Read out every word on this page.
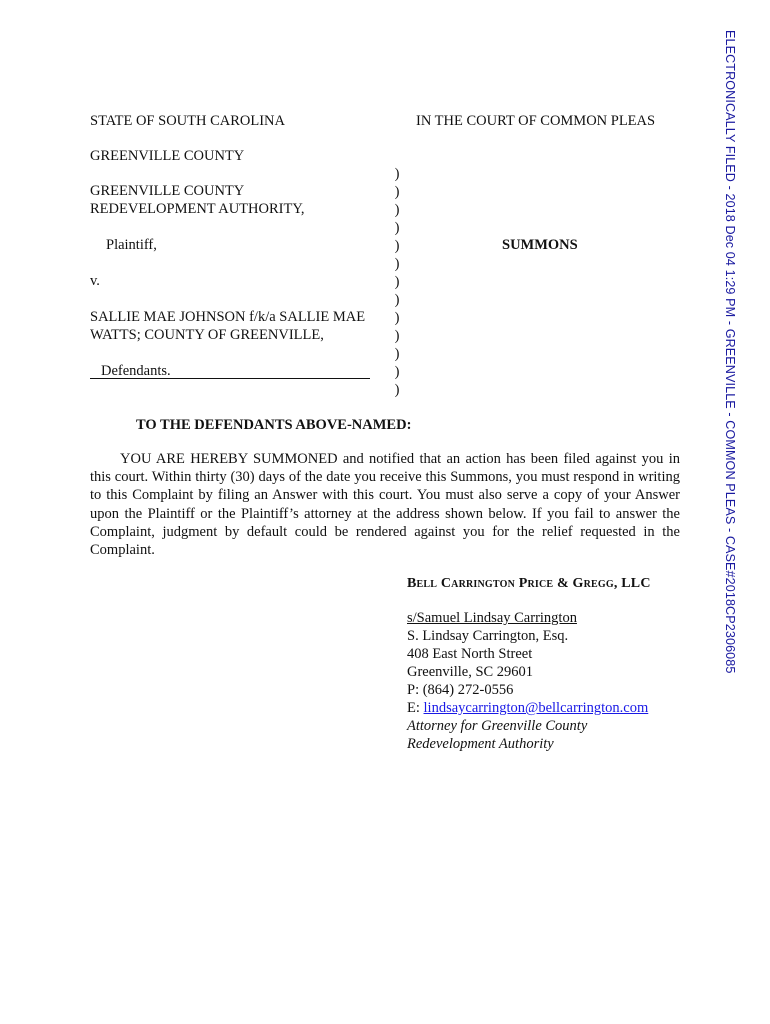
ELECTRONICALLY FILED - 2018 Dec 04 1:29 PM - GREENVILLE - COMMON PLEAS - CASE#2018CP2306085
STATE OF SOUTH CAROLINA	IN THE COURT OF COMMON PLEAS
GREENVILLE COUNTY
GREENVILLE COUNTY
REDEVELOPMENT AUTHORITY,
Plaintiff,
v.
SALLIE MAE JOHNSON f/k/a SALLIE MAE
WATTS; COUNTY OF GREENVILLE,
Defendants.
)
)
)
)
)
)
)
)
)
)
)
)
)
SUMMONS
TO THE DEFENDANTS ABOVE-NAMED:
YOU ARE HEREBY SUMMONED and notified that an action has been filed against you in this court. Within thirty (30) days of the date you receive this Summons, you must respond in writing to this Complaint by filing an Answer with this court. You must also serve a copy of your Answer upon the Plaintiff or the Plaintiff’s attorney at the address shown below. If you fail to answer the Complaint, judgment by default could be rendered against you for the relief requested in the Complaint.
Bell Carrington Price & Gregg, LLC
s/Samuel Lindsay Carrington
S. Lindsay Carrington, Esq.
408 East North Street
Greenville, SC 29601
P: (864) 272-0556
E: lindsaycarrington@bellcarrington.com
Attorney for Greenville County
Redevelopment Authority
